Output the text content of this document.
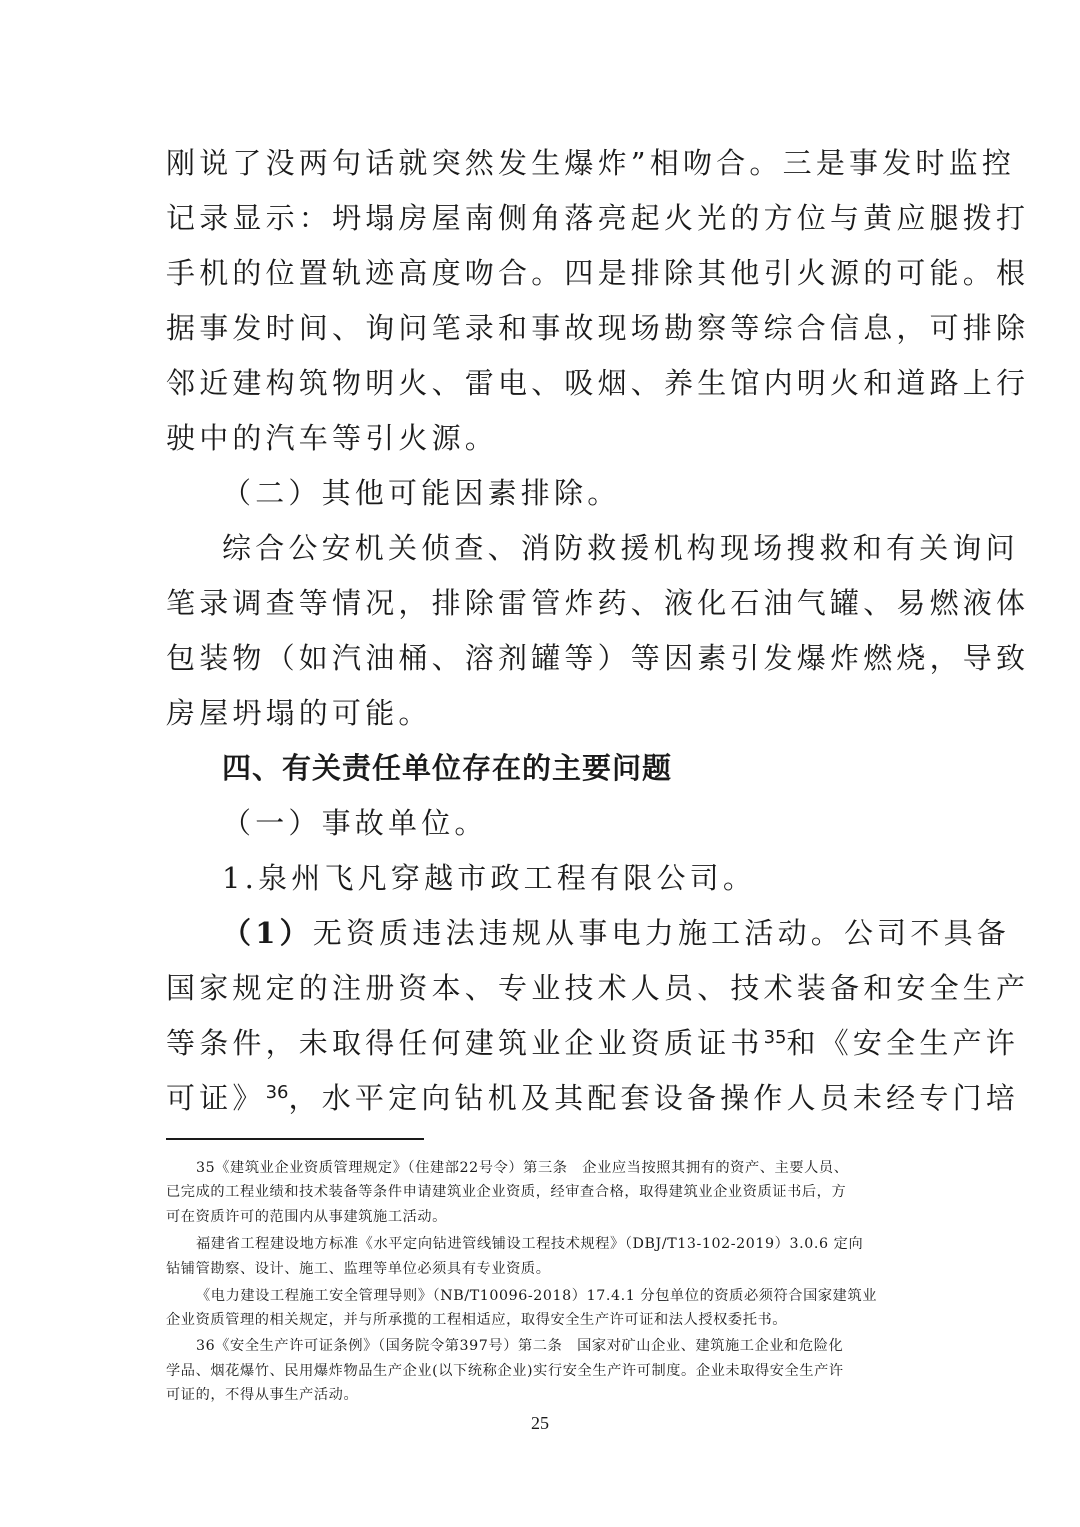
刚说了没两句话就突然发生爆炸”相吻合。三是事发时监控

记录显示：坍塌房屋南侧角落亮起火光的方位与黄应腿拨打

手机的位置轨迹高度吻合。四是排除其他引火源的可能。根

据事发时间、询问笔录和事故现场勘察等综合信息，可排除

邻近建构筑物明火、雷电、吸烟、养生馆内明火和道路上行

驶中的汽车等引火源。

（二）其他可能因素排除。

综合公安机关侦查、消防救援机构现场搜救和有关询问

笔录调查等情况，排除雷管炸药、液化石油气罐、易燃液体

包装物（如汽油桶、溶剂罐等）等因素引发爆炸燃烧，导致

房屋坍塌的可能。

四、有关责任单位存在的主要问题

（一）事故单位。

1.泉州飞凡穿越市政工程有限公司。

（1）无资质违法违规从事电力施工活动。公司不具备

国家规定的注册资本、专业技术人员、技术装备和安全生产

等条件，未取得任何建筑业企业资质证书$^{35}$和《安全生产许

可证》$^{36}$，水平定向钻机及其配套设备操作人员未经专门培

35《建筑业企业资质管理规定》（住建部22号令）第三条　企业应当按照其拥有的资产、主要人员、

已完成的工程业绩和技术装备等条件申请建筑业企业资质，经审查合格，取得建筑业企业资质证书后，方

可在资质许可的范围内从事建筑施工活动。

福建省工程建设地方标准《水平定向钻进管线铺设工程技术规程》（DBJ/T13-102-2019）3.0.6 定向

钻铺管勘察、设计、施工、监理等单位必须具有专业资质。

《电力建设工程施工安全管理导则》（NB/T10096-2018）17.4.1 分包单位的资质必须符合国家建筑业

企业资质管理的相关规定，并与所承揽的工程相适应，取得安全生产许可证和法人授权委托书。

36《安全生产许可证条例》（国务院令第397号）第二条　国家对矿山企业、建筑施工企业和危险化

学品、烟花爆竹、民用爆炸物品生产企业(以下统称企业)实行安全生产许可制度。企业未取得安全生产许

可证的，不得从事生产活动。

25
